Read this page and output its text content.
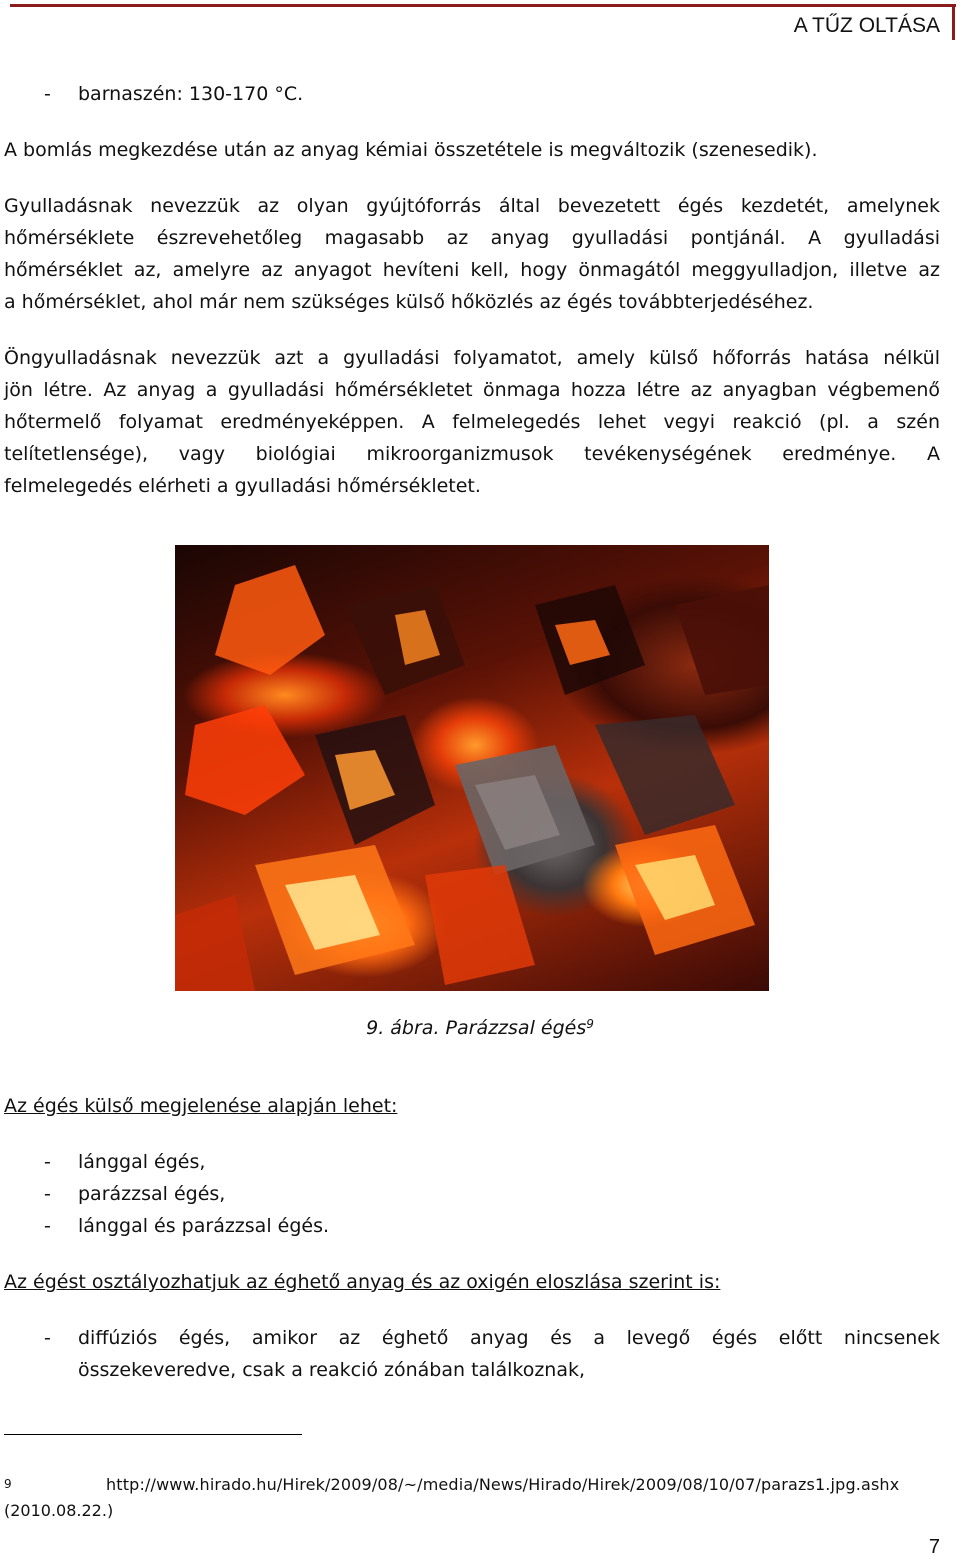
A TŰZ OLTÁSA
- barnaszén: 130-170 °C.
A bomlás megkezdése után az anyag kémiai összetétele is megváltozik (szenesedik).
Gyulladásnak nevezzük az olyan gyújtóforrás által bevezetett égés kezdetét, amelynek
hőmérséklete észrevehetőleg magasabb az anyag gyulladási pontjánál. A gyulladási
hőmérséklet az, amelyre az anyagot hevíteni kell, hogy önmagától meggyulladjon, illetve az
a hőmérséklet, ahol már nem szükséges külső hőközlés az égés továbbterjedéséhez.
Öngyulladásnak nevezzük azt a gyulladási folyamatot, amely külső hőforrás hatása nélkül
jön létre. Az anyag a gyulladási hőmérsékletet önmaga hozza létre az anyagban végbemenő
hőtermelő folyamat eredményeképpen. A felmelegedés lehet vegyi reakció (pl. a szén
telítetlensége), vagy biológiai mikroorganizmusok tevékenységének eredménye. A
felmelegedés elérheti a gyulladási hőmérsékletet.
9. ábra. Parázzsal égés$^9$
Az égés külső megjelenése alapján lehet:
- lánggal égés,
- parázzsal égés,
- lánggal és parázzsal égés.
Az égést osztályozhatjuk az éghető anyag és az oxigén eloszlása szerint is:
- diffúziós égés, amikor az éghető anyag és a levegő égés előtt nincsenek
összekeveredve, csak a reakció zónában találkoznak,
9	http://www.hirado.hu/Hirek/2009/08/~/media/News/Hirado/Hirek/2009/08/10/07/parazs1.jpg.ashx
(2010.08.22.)
7
